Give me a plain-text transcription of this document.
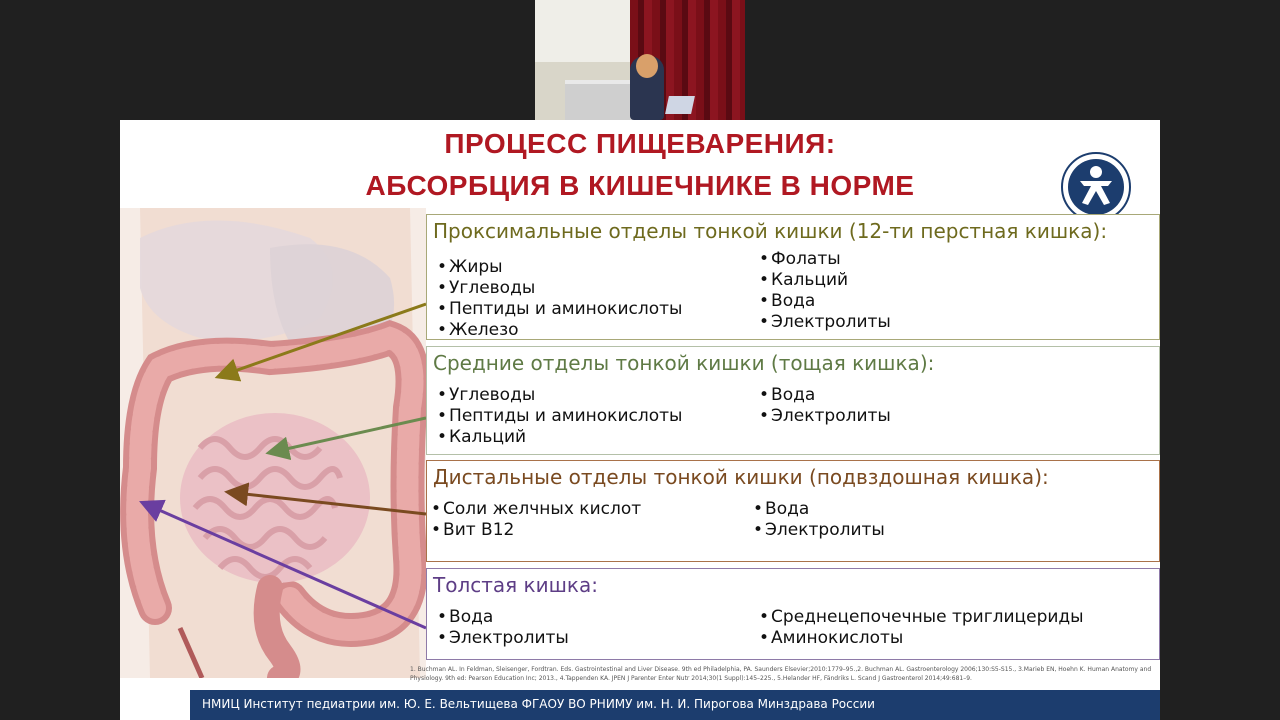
ПРОЦЕСС ПИЩЕВАРЕНИЯ:
АБСОРБЦИЯ В КИШЕЧНИКЕ В НОРМЕ
Проксимальные отделы тонкой кишки (12-ти перстная кишка):
• Жиры
• Углеводы
• Пептиды и аминокислоты
• Железо
• Фолаты
• Кальций
• Вода
• Электролиты
Средние отделы тонкой кишки (тощая кишка):
• Углеводы
• Пептиды и аминокислоты
• Кальций
• Вода
• Электролиты
Дистальные отделы тонкой кишки (подвздошная кишка):
• Соли желчных кислот
• Вит В12
• Вода
• Электролиты
Толстая кишка:
• Вода
• Электролиты
• Среднецепочечные триглицериды
• Аминокислоты
1. Buchman AL. In Feldman, Sleisenger, Fordtran. Eds. Gastrointestinal and Liver Disease. 9th ed Philadelphia, PA. Saunders Elsevier;2010:1779–95.,2. Buchman AL. Gastroenterology 2006;130:S5-S15., 3.Marieb EN, Hoehn K. Human Anatomy and Physiology. 9th ed: Pearson Education Inc; 2013., 4.Tappenden KA. JPEN J Parenter Enter Nutr 2014;30(1 Suppl):145–225., 5.Helander HF, Fändriks L. Scand J Gastroenterol 2014;49:681–9.
НМИЦ Институт педиатрии им. Ю. Е. Вельтищева ФГАОУ ВО РНИМУ им. Н. И. Пирогова Минздрава России
